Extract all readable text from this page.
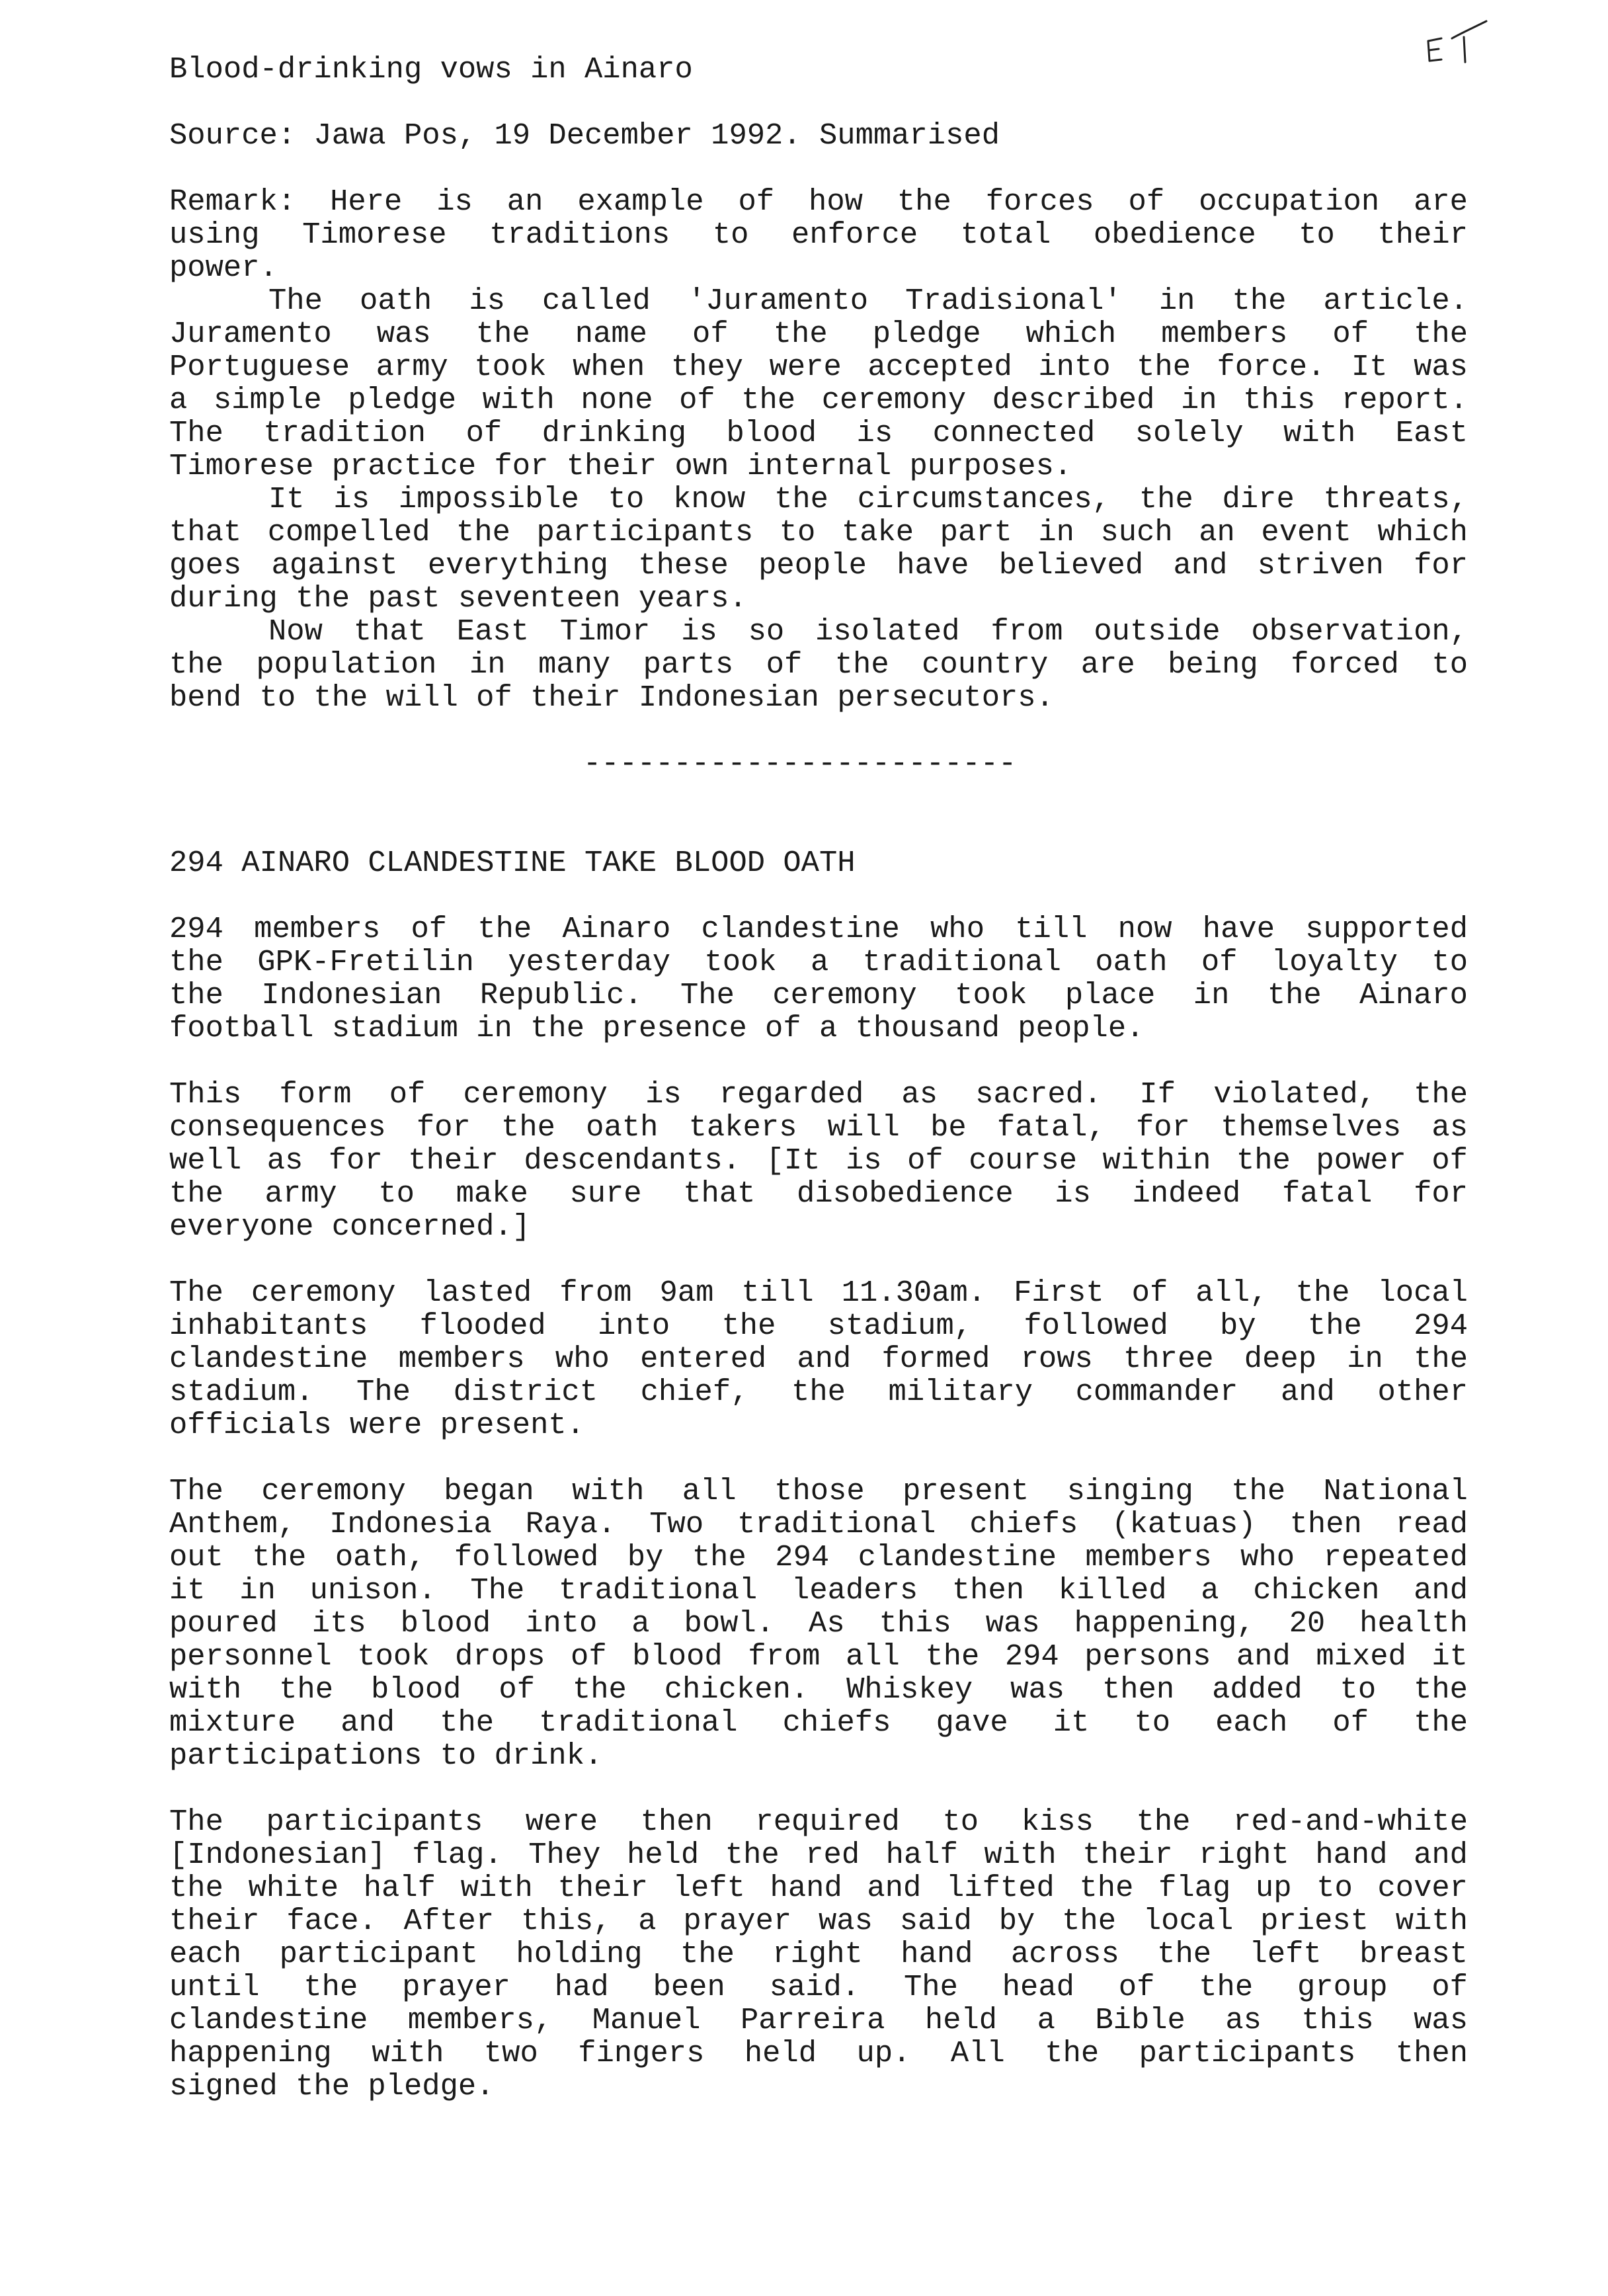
Blood-drinking vows in Ainaro

Source: Jawa Pos, 19 December 1992. Summarised

Remark: Here is an example of how the forces of occupation are

using Timorese traditions to enforce total obedience to their

power.

The oath is called 'Juramento Tradisional' in the article.

Juramento was the name of the pledge which members of the

Portuguese army took when they were accepted into the force. It was

a simple pledge with none of the ceremony described in this report.

The tradition of drinking blood is connected solely with East

Timorese practice for their own internal purposes.

It is impossible to know the circumstances, the dire threats,

that compelled the participants to take part in such an event which

goes against everything these people have believed and striven for

during the past seventeen years.

Now that East Timor is so isolated from outside observation,

the population in many parts of the country are being forced to

bend to the will of their Indonesian persecutors.

------------------------

294 AINARO CLANDESTINE TAKE BLOOD OATH

294 members of the Ainaro clandestine who till now have supported

the GPK-Fretilin yesterday took a traditional oath of loyalty to

the Indonesian Republic. The ceremony took place in the Ainaro

football stadium in the presence of a thousand people.

This form of ceremony is regarded as sacred. If violated, the

consequences for the oath takers will be fatal, for themselves as

well as for their descendants. [It is of course within the power of

the army to make sure that disobedience is indeed fatal for

everyone concerned.]

The ceremony lasted from 9am till 11.30am. First of all, the local

inhabitants flooded into the stadium, followed by the 294

clandestine members who entered and formed rows three deep in the

stadium. The district chief, the military commander and other

officials were present.

The ceremony began with all those present singing the National

Anthem, Indonesia Raya. Two traditional chiefs (katuas) then read

out the oath, followed by the 294 clandestine members who repeated

it in unison. The traditional leaders then killed a chicken and

poured its blood into a bowl. As this was happening, 20 health

personnel took drops of blood from all the 294 persons and mixed it

with the blood of the chicken. Whiskey was then added to the

mixture and the traditional chiefs gave it to each of the

participations to drink.

The participants were then required to kiss the red-and-white

[Indonesian] flag. They held the red half with their right hand and

the white half with their left hand and lifted the flag up to cover

their face. After this, a prayer was said by the local priest with

each participant holding the right hand across the left breast

until the prayer had been said. The head of the group of

clandestine members, Manuel Parreira held a Bible as this was

happening with two fingers held up. All the participants then

signed the pledge.
